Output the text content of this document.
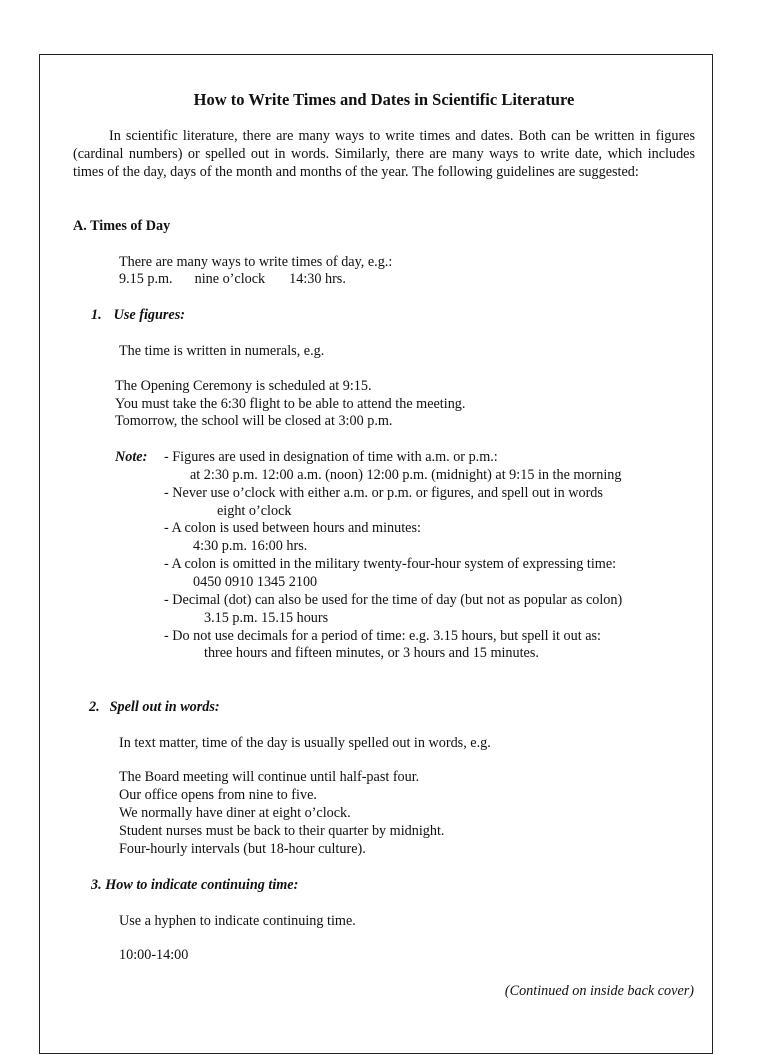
How to Write Times and Dates in Scientific Literature
In scientific literature, there are many ways to write times and dates. Both can be written in figures (cardinal numbers) or spelled out in words. Similarly, there are many ways to write date, which includes times of the day, days of the month and months of the year. The following guidelines are suggested:
A. Times of Day
There are many ways to write times of day, e.g.:
9.15 p.m. nine o’clock 14:30 hrs.
1. Use figures:
The time is written in numerals, e.g.
The Opening Ceremony is scheduled at 9:15.
You must take the 6:30 flight to be able to attend the meeting.
Tomorrow, the school will be closed at 3:00 p.m.
Note: - Figures are used in designation of time with a.m. or p.m.:
at 2:30 p.m. 12:00 a.m. (noon) 12:00 p.m. (midnight) at 9:15 in the morning
- Never use o’clock with either a.m. or p.m. or figures, and spell out in words
eight o’clock
- A colon is used between hours and minutes:
4:30 p.m. 16:00 hrs.
- A colon is omitted in the military twenty-four-hour system of expressing time:
0450 0910 1345 2100
- Decimal (dot) can also be used for the time of day (but not as popular as colon)
3.15 p.m. 15.15 hours
- Do not use decimals for a period of time: e.g. 3.15 hours, but spell it out as:
three hours and fifteen minutes, or 3 hours and 15 minutes.
2. Spell out in words:
In text matter, time of the day is usually spelled out in words, e.g.
The Board meeting will continue until half-past four.
Our office opens from nine to five.
We normally have diner at eight o’clock.
Student nurses must be back to their quarter by midnight.
Four-hourly intervals (but 18-hour culture).
3. How to indicate continuing time:
Use a hyphen to indicate continuing time.
10:00-14:00
(Continued on inside back cover)
